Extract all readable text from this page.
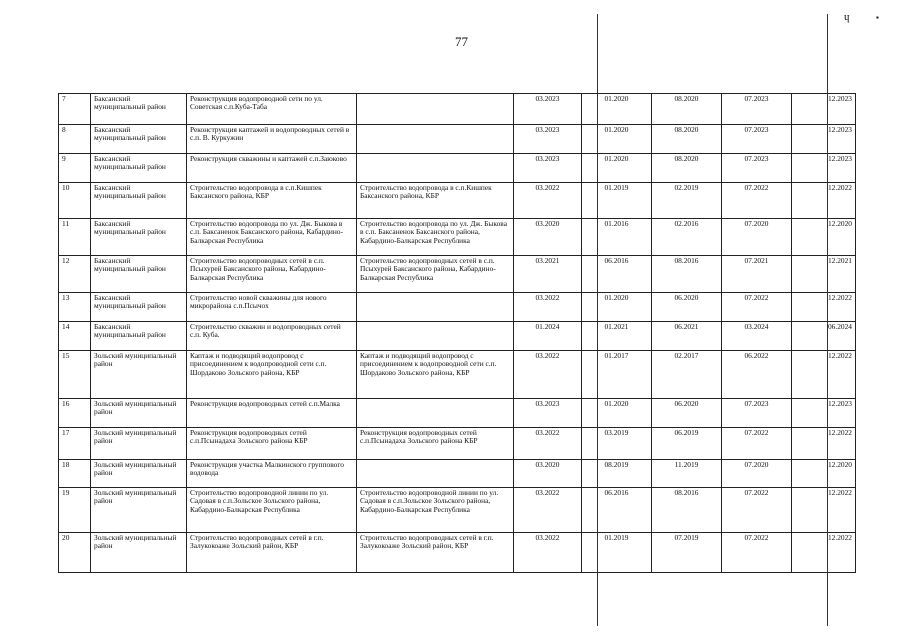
77
ɥ	▪
7	Баксанский муниципальный район	Реконструкция водопроводной сети по ул. Советская с.п.Куба-Таба		03.2023	01.2020	08.2020	07.2023	12.2023
8	Баксанский муниципальный район	Реконструкция каптажей и водопроводных сетей в с.п. В. Куркужин		03.2023	01.2020	08.2020	07.2023	12.2023
9	Баксанский муниципальный район	Реконструкция скважины и каптажей с.п.Заюково		03.2023	01.2020	08.2020	07.2023	12.2023
10	Баксанский муниципальный район	Строительство водопровода в с.п.Кишпек Баксанского района, КБР	Строительство водопровода в с.п.Кишпек Баксанского района, КБР	03.2022	01.2019	02.2019	07.2022	12.2022
11	Баксанский муниципальный район	Строительство водопровода по ул. Дж. Быкова в с.п. Баксаненок Баксанского района, Кабардино-Балкарская Республика	Строительство водопровода по ул. Дж. Быкова в с.п. Баксаненок Баксанского района, Кабардино-Балкарская Республика	03.2020	01.2016	02.2016	07.2020	12.2020
12	Баксанский муниципальный район	Строительство водопроводных сетей в с.п. Псыхурей Баксанского района, Кабардино-Балкарская Республика	Строительство водопроводных сетей в с.п. Псыхурей Баксанского района, Кабардино-Балкарская Республика	03.2021	06.2016	08.2016	07.2021	12.2021
13	Баксанский муниципальный район	Строительство новой скважины для нового микрорайона с.п.Псычох		03.2022	01.2020	06.2020	07.2022	12.2022
14	Баксанский муниципальный район	Строительство скважин и водопроводных сетей с.п. Куба.		01.2024	01.2021	06.2021	03.2024	06.2024
15	Зольский муниципальный район	Каптаж и подводящий водопровод с присоединением к водопроводной сети с.п. Шордаково Зольского района, КБР	Каптаж и подводящий водопровод с присоединением к водопроводной сети с.п. Шордаково Зольского района, КБР	03.2022	01.2017	02.2017	06.2022	12.2022
16	Зольский муниципальный район	Реконструкция водопроводных сетей с.п.Малка		03.2023	01.2020	06.2020	07.2023	12.2023
17	Зольский муниципальный район	Реконструкция водопроводных сетей с.п.Псынадаха Зольского района КБР	Реконструкция водопроводных сетей с.п.Псынадаха Зольского района КБР	03.2022	03.2019	06.2019	07.2022	12.2022
18	Зольский муниципальный район	Реконструкция участка Малкинского группового водовода		03.2020	08.2019	11.2019	07.2020	12.2020
19	Зольский муниципальный район	Строительство водопроводной линии по ул. Садовая в с.п.Зольское Зольского района, Кабардино-Балкарская Республика	Строительство водопроводной линии по ул. Садовая в с.п.Зольское Зольского района, Кабардино-Балкарская Республика	03.2022	06.2016	08.2016	07.2022	12.2022
20	Зольский муниципальный район	Строительство водопроводных сетей в г.п. Залукокоаже Зольский район, КБР	Строительство водопроводных сетей в г.п. Залукокоаже Зольский район, КБР	03.2022	01.2019	07.2019	07.2022	12.2022
